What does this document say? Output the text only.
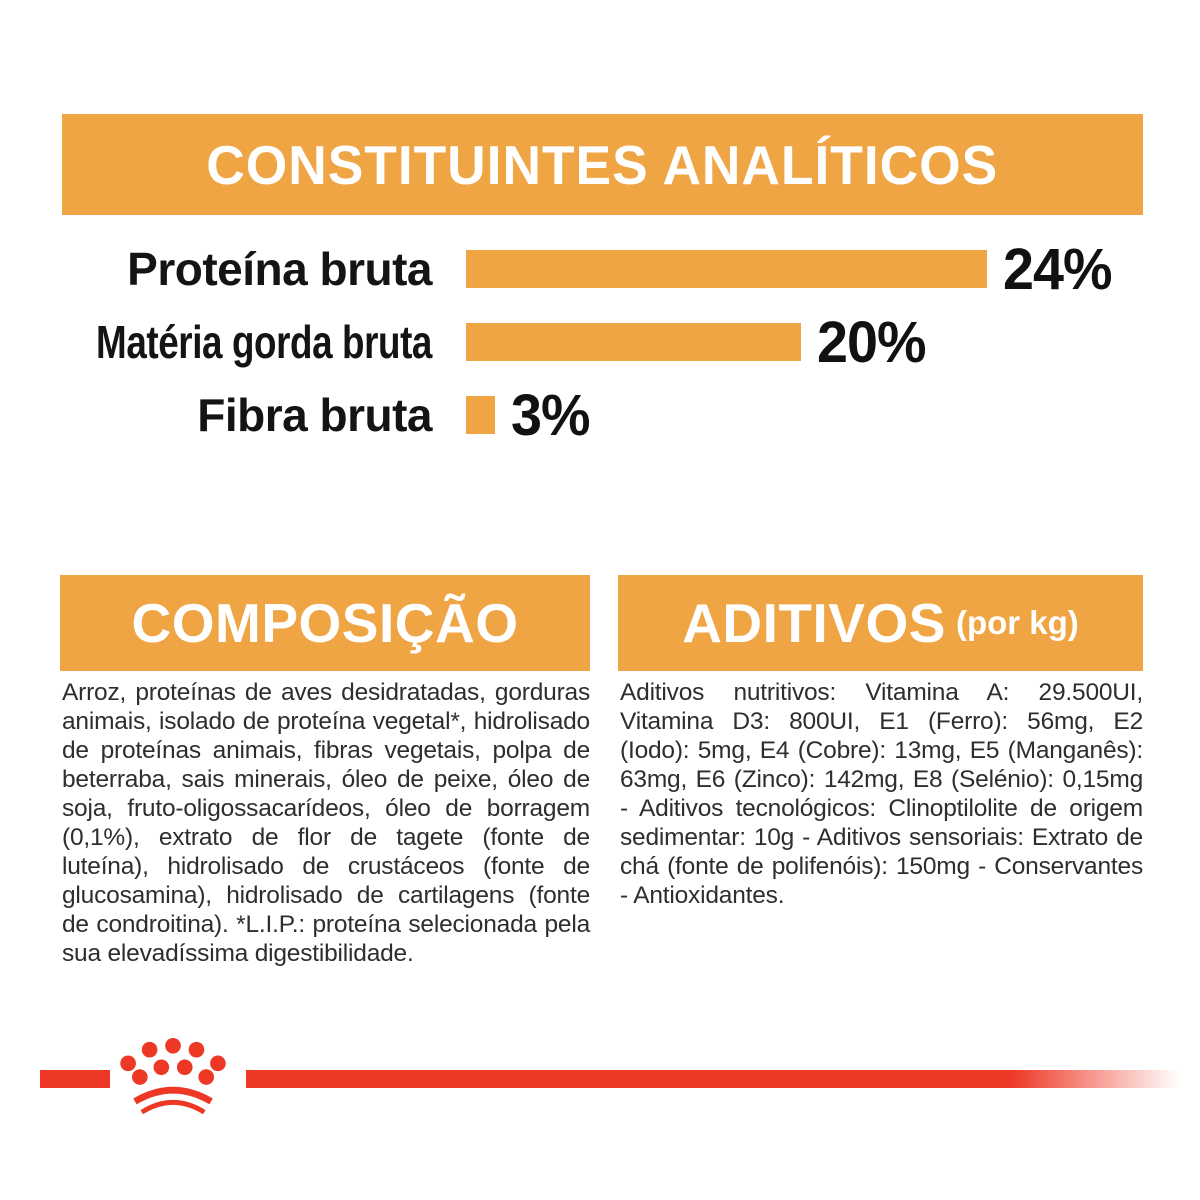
CONSTITUINTES ANALÍTICOS
Proteína bruta	24%
Matéria gorda bruta	20%
Fibra bruta 3%
COMPOSIÇÃO
Arroz, proteínas de aves desidratadas, gorduras animais, isolado de proteína vegetal*, hidrolisado de proteínas animais, fibras vegetais, polpa de beterraba, sais minerais, óleo de peixe, óleo de soja, fruto-oligossacarídeos, óleo de borragem (0,1%), extrato de flor de tagete (fonte de luteína), hidrolisado de crustáceos (fonte de glucosamina), hidrolisado de cartilagens (fonte de condroitina). *L.I.P.: proteína selecionada pela sua elevadíssima digestibilidade.
ADITIVOS (por kg)
Aditivos nutritivos: Vitamina A: 29.500UI, Vitamina D3: 800UI, E1 (Ferro): 56mg, E2 (Iodo): 5mg, E4 (Cobre): 13mg, E5 (Manganês): 63mg, E6 (Zinco): 142mg, E8 (Selénio): 0,15mg - Aditivos tecnológicos: Clinoptilolite de origem sedimentar: 10g - Aditivos sensoriais: Extrato de chá (fonte de polifenóis): 150mg - Conservantes - Antioxidantes.
